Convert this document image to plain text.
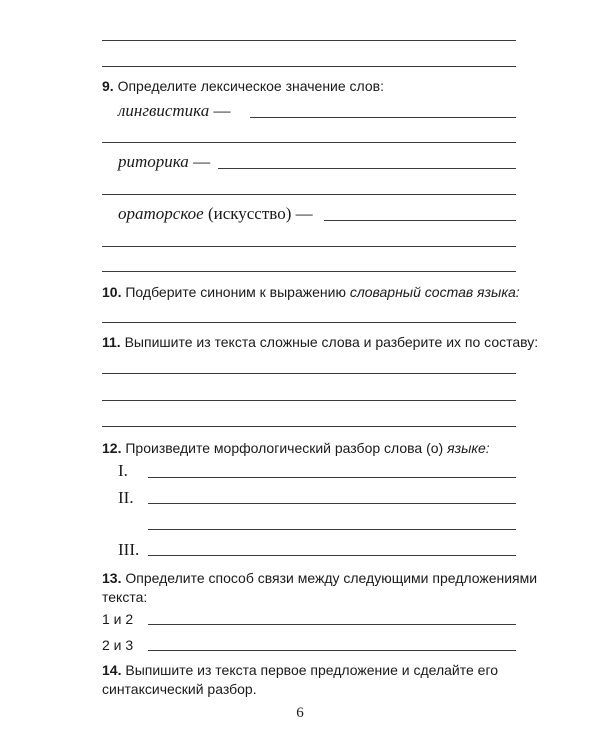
9. Определите лексическое значение слов:
лингвистика —
риторика —
ораторское (искусство) —
10. Подберите синоним к выражению словарный состав языка:
11. Выпишите из текста сложные слова и разберите их по составу:
12. Произведите морфологический разбор слова (о) языке:
I.
II.
III.
13. Определите способ связи между следующими предложениями
текста:
1 и 2
2 и 3
14. Выпишите из текста первое предложение и сделайте его
синтаксический разбор.
6
